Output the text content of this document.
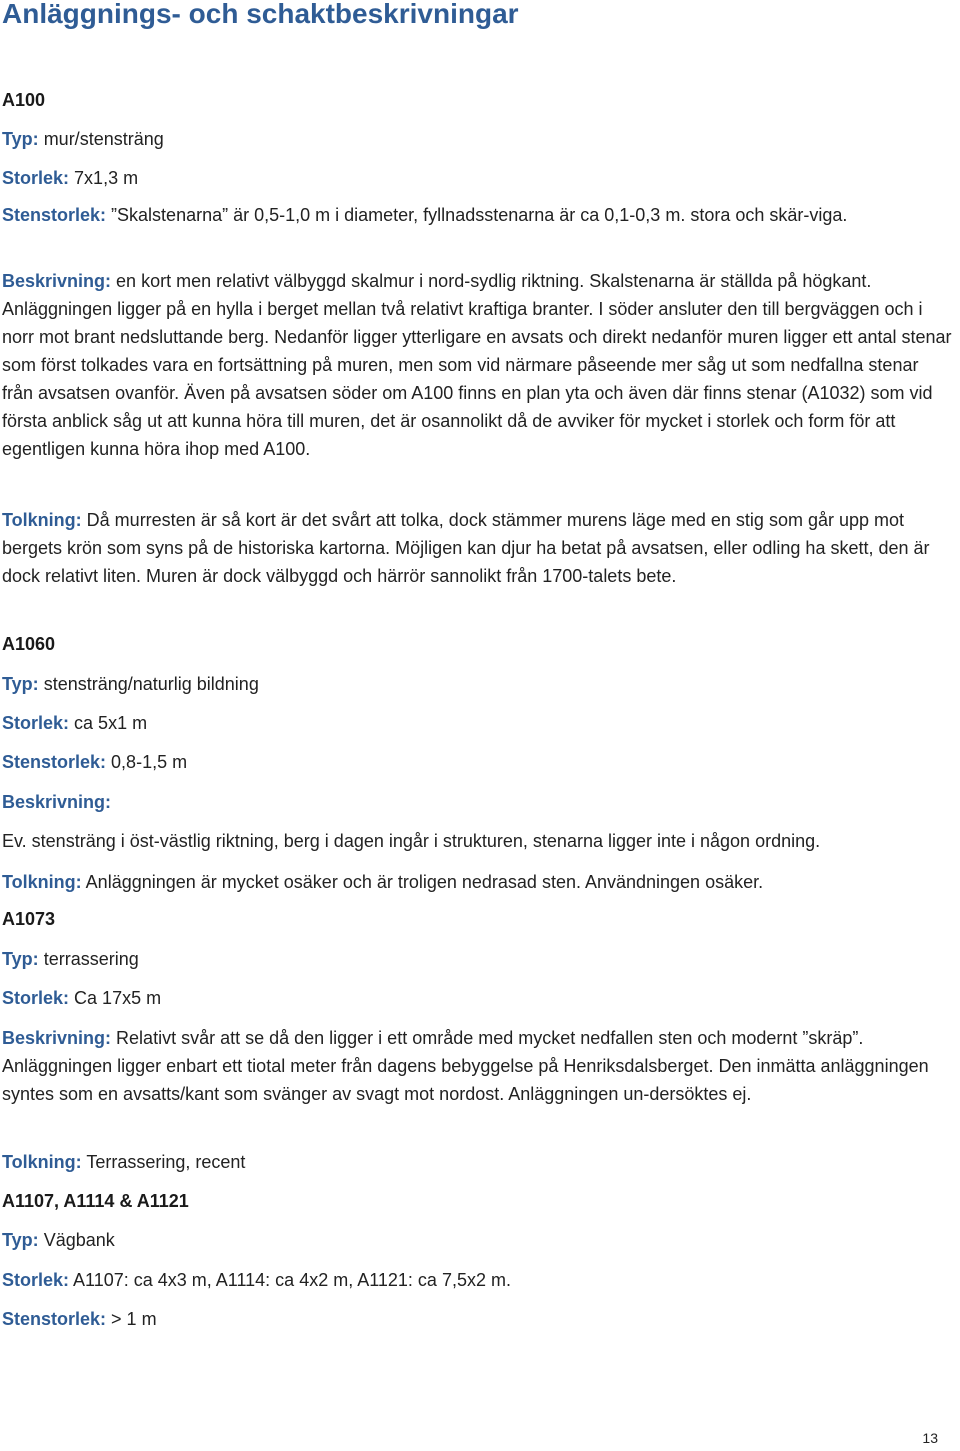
Anläggnings- och schaktbeskrivningar

A100

Typ: mur/stensträng

Storlek: 7x1,3 m

Stenstorlek: ”Skalstenarna” är 0,5-1,0 m i diameter, fyllnadsstenarna är ca 0,1-0,3 m. stora och skär-viga.

Beskrivning: en kort men relativt välbyggd skalmur i nord-sydlig riktning. Skalstenarna är ställda på högkant. Anläggningen ligger på en hylla i berget mellan två relativt kraftiga branter. I söder ansluter den till bergväggen och i norr mot brant nedsluttande berg. Nedanför ligger ytterligare en avsats och direkt nedanför muren ligger ett antal stenar som först tolkades vara en fortsättning på muren, men som vid närmare påseende mer såg ut som nedfallna stenar från avsatsen ovanför. Även på avsatsen söder om A100 finns en plan yta och även där finns stenar (A1032) som vid första anblick såg ut att kunna höra till muren, det är osannolikt då de avviker för mycket i storlek och form för att egentligen kunna höra ihop med A100.

Tolkning: Då murresten är så kort är det svårt att tolka, dock stämmer murens läge med en stig som går upp mot bergets krön som syns på de historiska kartorna. Möjligen kan djur ha betat på avsatsen, eller odling ha skett, den är dock relativt liten. Muren är dock välbyggd och härrör sannolikt från 1700-talets bete.

A1060

Typ: stensträng/naturlig bildning

Storlek: ca 5x1 m

Stenstorlek: 0,8-1,5 m

Beskrivning:

Ev. stensträng i öst-västlig riktning, berg i dagen ingår i strukturen, stenarna ligger inte i någon ordning.

Tolkning: Anläggningen är mycket osäker och är troligen nedrasad sten. Användningen osäker.

A1073

Typ: terrassering

Storlek: Ca 17x5 m

Beskrivning: Relativt svår att se då den ligger i ett område med mycket nedfallen sten och modernt ”skräp”. Anläggningen ligger enbart ett tiotal meter från dagens bebyggelse på Henriksdalsberget. Den inmätta anläggningen syntes som en avsatts/kant som svänger av svagt mot nordost. Anläggningen un-dersöktes ej.

Tolkning: Terrassering, recent

A1107, A1114 & A1121

Typ: Vägbank

Storlek: A1107: ca 4x3 m, A1114: ca 4x2 m, A1121: ca 7,5x2 m.

Stenstorlek: > 1 m

13
